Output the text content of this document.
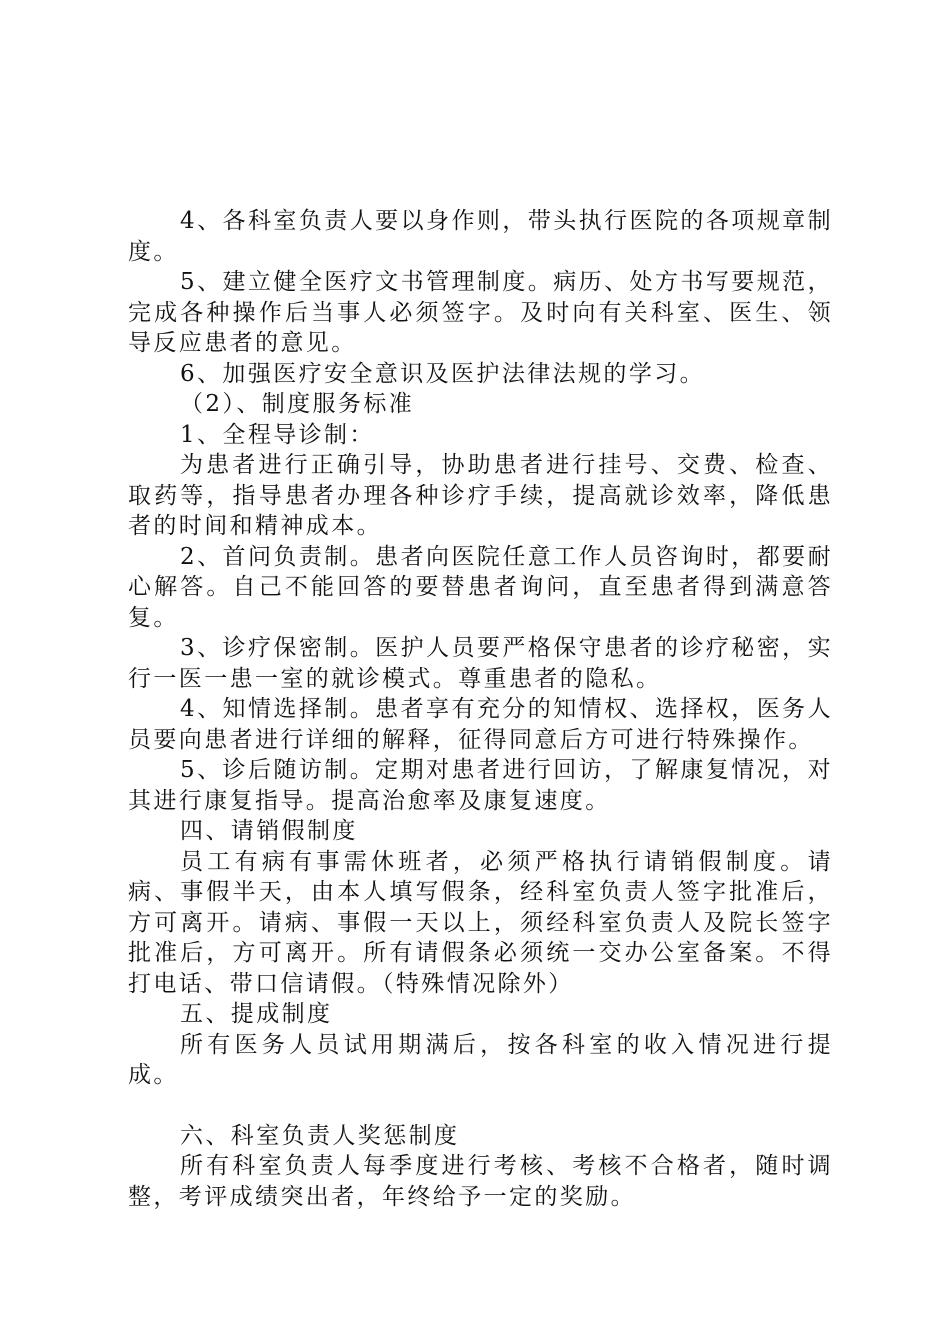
4、各科室负责人要以身作则，带头执行医院的各项规章制度。

5、建立健全医疗文书管理制度。病历、处方书写要规范，完成各种操作后当事人必须签字。及时向有关科室、医生、领导反应患者的意见。

6、加强医疗安全意识及医护法律法规的学习。

（2）、制度服务标准

1、全程导诊制：

为患者进行正确引导，协助患者进行挂号、交费、检查、取药等，指导患者办理各种诊疗手续，提高就诊效率，降低患者的时间和精神成本。

2、首问负责制。患者向医院任意工作人员咨询时，都要耐心解答。自己不能回答的要替患者询问，直至患者得到满意答复。

3、诊疗保密制。医护人员要严格保守患者的诊疗秘密，实行一医一患一室的就诊模式。尊重患者的隐私。

4、知情选择制。患者享有充分的知情权、选择权，医务人员要向患者进行详细的解释，征得同意后方可进行特殊操作。

5、诊后随访制。定期对患者进行回访，了解康复情况，对其进行康复指导。提高治愈率及康复速度。

四、请销假制度

员工有病有事需休班者，必须严格执行请销假制度。请病、事假半天，由本人填写假条，经科室负责人签字批准后，方可离开。请病、事假一天以上，须经科室负责人及院长签字批准后，方可离开。所有请假条必须统一交办公室备案。不得打电话、带口信请假。（特殊情况除外）

五、提成制度

所有医务人员试用期满后，按各科室的收入情况进行提成。

六、科室负责人奖惩制度

所有科室负责人每季度进行考核、考核不合格者，随时调整，考评成绩突出者，年终给予一定的奖励。
